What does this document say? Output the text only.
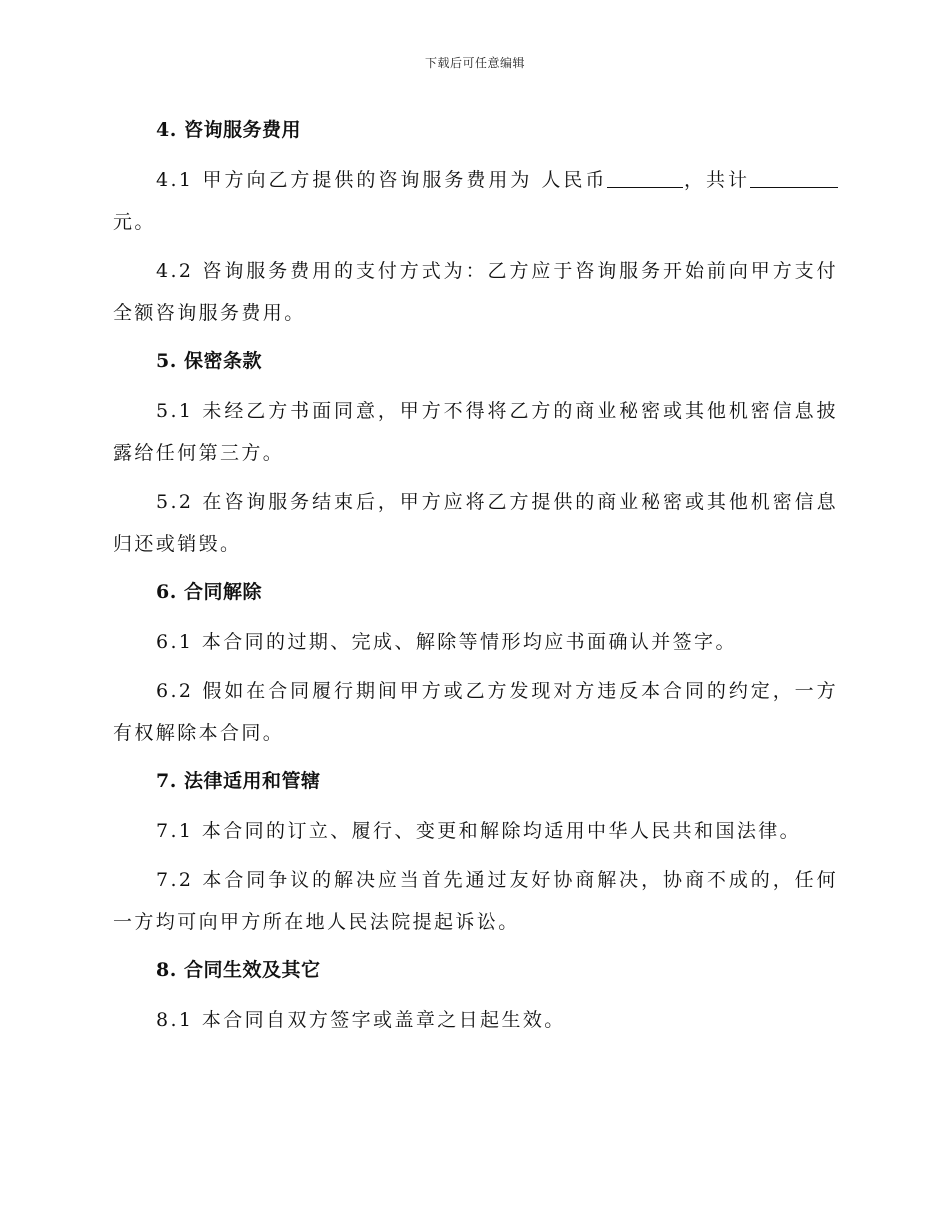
下载后可任意编辑
4. 咨询服务费用

4.1 甲方向乙方提供的咨询服务费用为 人民币	，共计元。

4.2 咨询服务费用的支付方式为：乙方应于咨询服务开始前向甲方支付全额咨询服务费用。

5. 保密条款

5.1 未经乙方书面同意，甲方不得将乙方的商业秘密或其他机密信息披露给任何第三方。

5.2 在咨询服务结束后，甲方应将乙方提供的商业秘密或其他机密信息归还或销毁。

6. 合同解除

6.1 本合同的过期、完成、解除等情形均应书面确认并签字。

6.2 假如在合同履行期间甲方或乙方发现对方违反本合同的约定，一方有权解除本合同。

7. 法律适用和管辖

7.1 本合同的订立、履行、变更和解除均适用中华人民共和国法律。

7.2 本合同争议的解决应当首先通过友好协商解决，协商不成的，任何一方均可向甲方所在地人民法院提起诉讼。

8. 合同生效及其它

8.1 本合同自双方签字或盖章之日起生效。
